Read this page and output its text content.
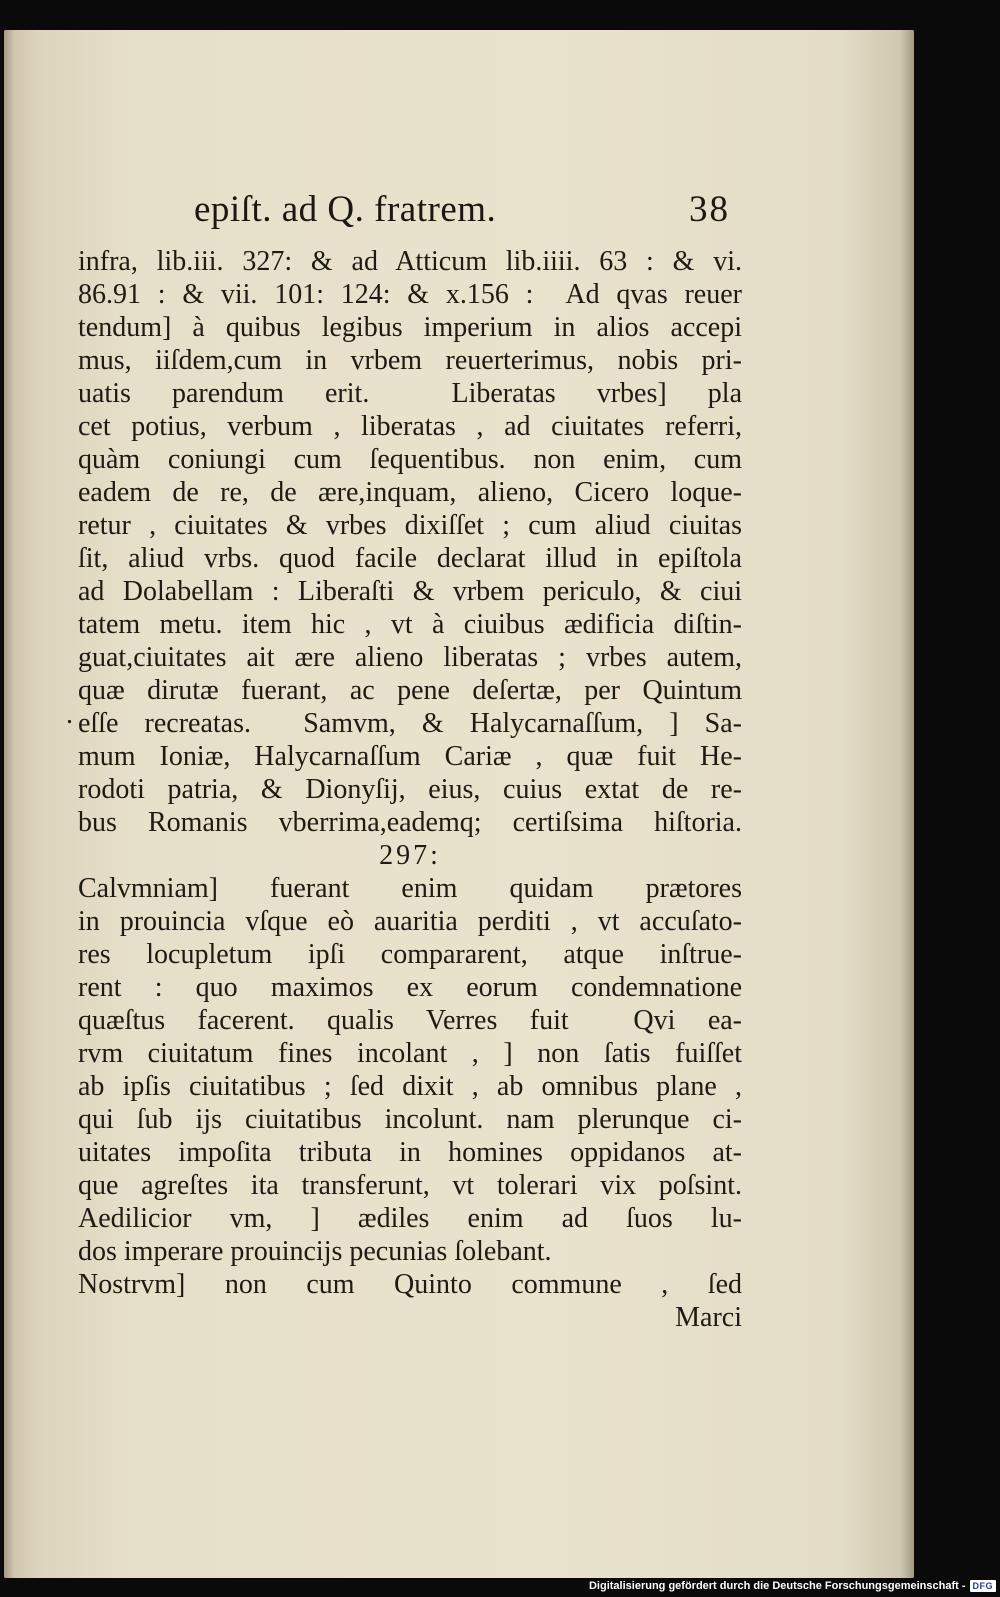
epiſt. ad Q. fratrem.	38
.
infra, lib.iii. 327: & ad Atticum lib.iiii. 63 : & vi.
86.91 : & vii. 101: 124: & x.156 :  Ad qvas reuer
tendum] à quibus legibus imperium in alios accepi
mus, iiſdem,cum in vrbem reuerterimus, nobis pri-
uatis parendum erit.  Liberatas vrbes] pla
cet potius, verbum , liberatas , ad ciuitates referri,
quàm coniungi cum ſequentibus. non enim, cum
eadem de re, de ære,inquam, alieno, Cicero loque-
retur , ciuitates & vrbes dixiſſet ; cum aliud ciuitas
ſit, aliud vrbs. quod facile declarat illud in epiſtola
ad Dolabellam : Liberaſti & vrbem periculo, & ciui
tatem metu. item hic , vt à ciuibus ædificia diſtin-
guat,ciuitates ait ære alieno liberatas ; vrbes autem,
quæ dirutæ fuerant, ac pene deſertæ, per Quintum
eſſe recreatas.  Samvm, & Halycarnaſſum, ] Sa-
mum Ioniæ, Halycarnaſſum Cariæ , quæ fuit He-
rodoti patria, & Dionyſij, eius, cuius extat de re-
bus Romanis vberrima,eademq; certiſsima hiſtoria.
297:
Calvmniam] fuerant enim quidam prætores
in prouincia vſque eò auaritia perditi , vt accuſato-
res locupletum ipſi compararent, atque inſtrue-
rent : quo maximos ex eorum condemnatione
quæſtus facerent. qualis Verres fuit  Qvi ea-
rvm ciuitatum fines incolant , ] non ſatis fuiſſet
ab ipſis ciuitatibus ; ſed dixit , ab omnibus plane ,
qui ſub ijs ciuitatibus incolunt. nam plerunque ci-
uitates impoſita tributa in homines oppidanos at-
que agreſtes ita transferunt, vt tolerari vix poſsint.
Aedilicior vm, ] ædiles enim ad ſuos lu-
dos imperare prouincijs pecunias ſolebant.
Nostrvm] non cum Quinto commune , ſed
Marci
Digitalisierung gefördert durch die Deutsche Forschungsgemeinschaft - DFG
